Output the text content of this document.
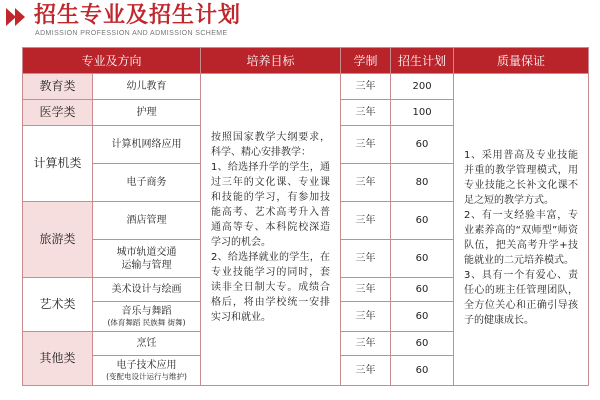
招生专业及招生计划
ADMISSION PROFESSION AND ADMISSION SCHEME
专业及方向		培养目标	学制	招生计划	质量保证
教育类	幼儿教育	按照国家教学大纲要求，科学、精心安排教学：
1、给选择升学的学生，通过三年的文化课、专业课和技能的学习，有参加技能高考、艺术高考升入普通高等专、本科院校深造学习的机会。
2、给选择就业的学生，在专业技能学习的同时，套读非全日制大专。成绩合格后，将由学校统一安排实习和就业。	三年	200	1、采用普高及专业技能并重的教学管理模式，用专业技能之长补文化课不足之短的教学方式。
2、有一支经验丰富，专业素养高的“双师型”师资队伍，把关高考升学+技能就业的二元培养模式。
3、具有一个有爱心、责任心的班主任管理团队，全方位关心和正确引导孩子的健康成长。

医学类	护理		三年	100	
计算机类	计算机网络应用		三年	60	
	电子商务		三年	80	
旅游类	酒店管理		三年	60	
	城市轨道交通运输与管理		三年	60	
艺术类	美术设计与绘画		三年	60	
	音乐与舞蹈
(体育舞蹈 民族舞 街舞)		三年	60	
其他类	烹饪		三年	60	
	电子技术应用
(变配电设计运行与维护)		三年	60	
